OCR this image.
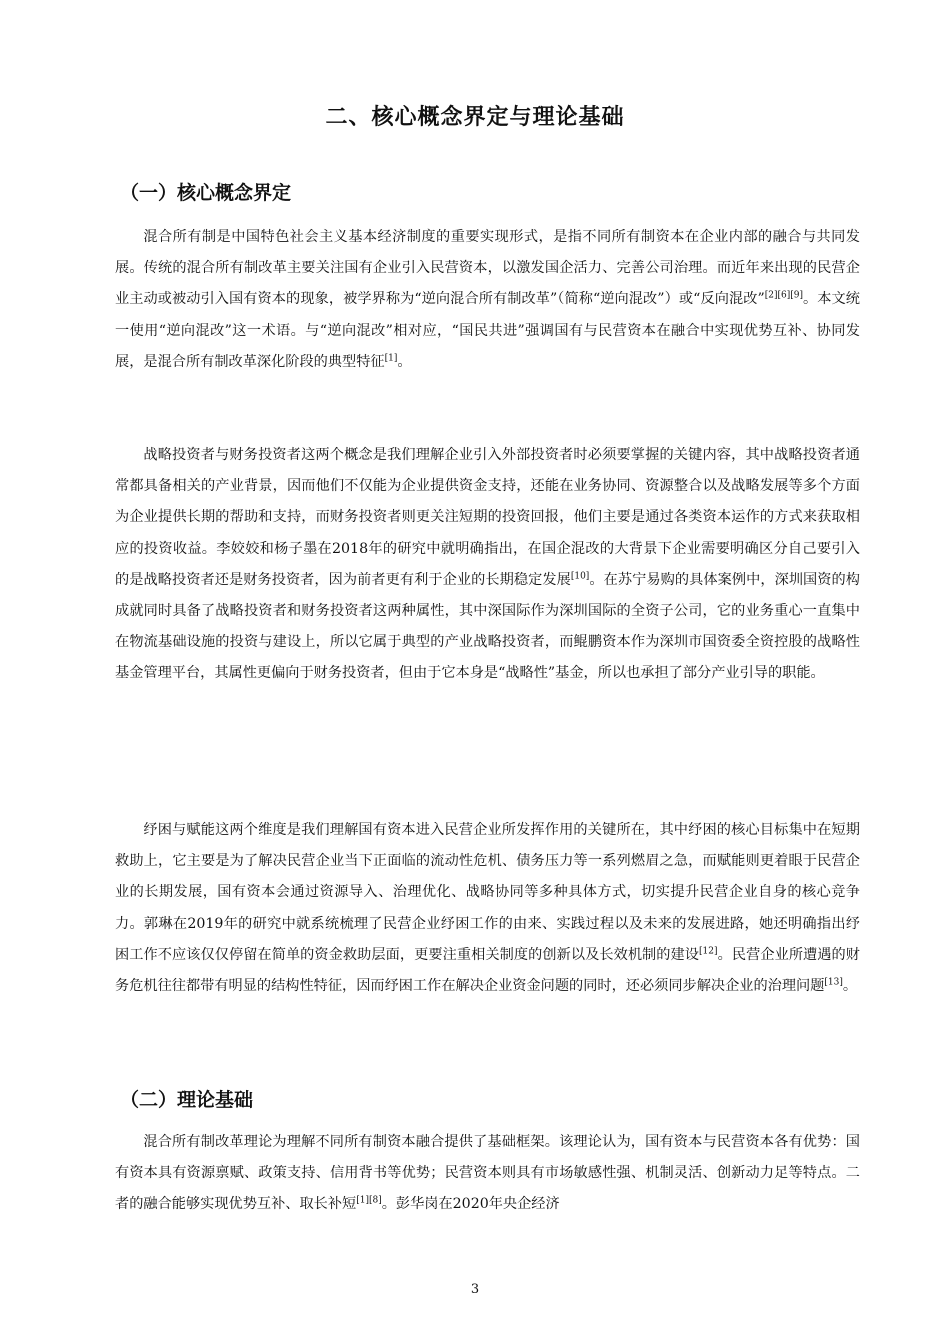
二、核心概念界定与理论基础
（一）核心概念界定

混合所有制是中国特色社会主义基本经济制度的重要实现形式，是指不同所有制资本在企业内部的融合与共同发展。传统的混合所有制改革主要关注国有企业引入民营资本，以激发国企活力、完善公司治理。而近年来出现的民营企业主动或被动引入国有资本的现象，被学界称为“逆向混合所有制改革”（简称“逆向混改”）或“反向混改”[2][6][9]。本文统一使用“逆向混改”这一术语。与“逆向混改”相对应，“国民共进”强调国有与民营资本在融合中实现优势互补、协同发展，是混合所有制改革深化阶段的典型特征[1]。

战略投资者与财务投资者这两个概念是我们理解企业引入外部投资者时必须要掌握的关键内容，其中战略投资者通常都具备相关的产业背景，因而他们不仅能为企业提供资金支持，还能在业务协同、资源整合以及战略发展等多个方面为企业提供长期的帮助和支持，而财务投资者则更关注短期的投资回报，他们主要是通过各类资本运作的方式来获取相应的投资收益。李姣姣和杨子墨在2018年的研究中就明确指出，在国企混改的大背景下企业需要明确区分自己要引入的是战略投资者还是财务投资者，因为前者更有利于企业的长期稳定发展[10]。在苏宁易购的具体案例中，深圳国资的构成就同时具备了战略投资者和财务投资者这两种属性，其中深国际作为深圳国际的全资子公司，它的业务重心一直集中在物流基础设施的投资与建设上，所以它属于典型的产业战略投资者，而鲲鹏资本作为深圳市国资委全资控股的战略性基金管理平台，其属性更偏向于财务投资者，但由于它本身是“战略性”基金，所以也承担了部分产业引导的职能。

纾困与赋能这两个维度是我们理解国有资本进入民营企业所发挥作用的关键所在，其中纾困的核心目标集中在短期救助上，它主要是为了解决民营企业当下正面临的流动性危机、债务压力等一系列燃眉之急，而赋能则更着眼于民营企业的长期发展，国有资本会通过资源导入、治理优化、战略协同等多种具体方式，切实提升民营企业自身的核心竞争力。郭琳在2019年的研究中就系统梳理了民营企业纾困工作的由来、实践过程以及未来的发展进路，她还明确指出纾困工作不应该仅仅停留在简单的资金救助层面，更要注重相关制度的创新以及长效机制的建设[12]。民营企业所遭遇的财务危机往往都带有明显的结构性特征，因而纾困工作在解决企业资金问题的同时，还必须同步解决企业的治理问题[13]。

（二）理论基础

混合所有制改革理论为理解不同所有制资本融合提供了基础框架。该理论认为，国有资本与民营资本各有优势：国有资本具有资源禀赋、政策支持、信用背书等优势；民营资本则具有市场敏感性强、机制灵活、创新动力足等特点。二者的融合能够实现优势互补、取长补短[1][8]。彭华岗在2020年央企经济

3
